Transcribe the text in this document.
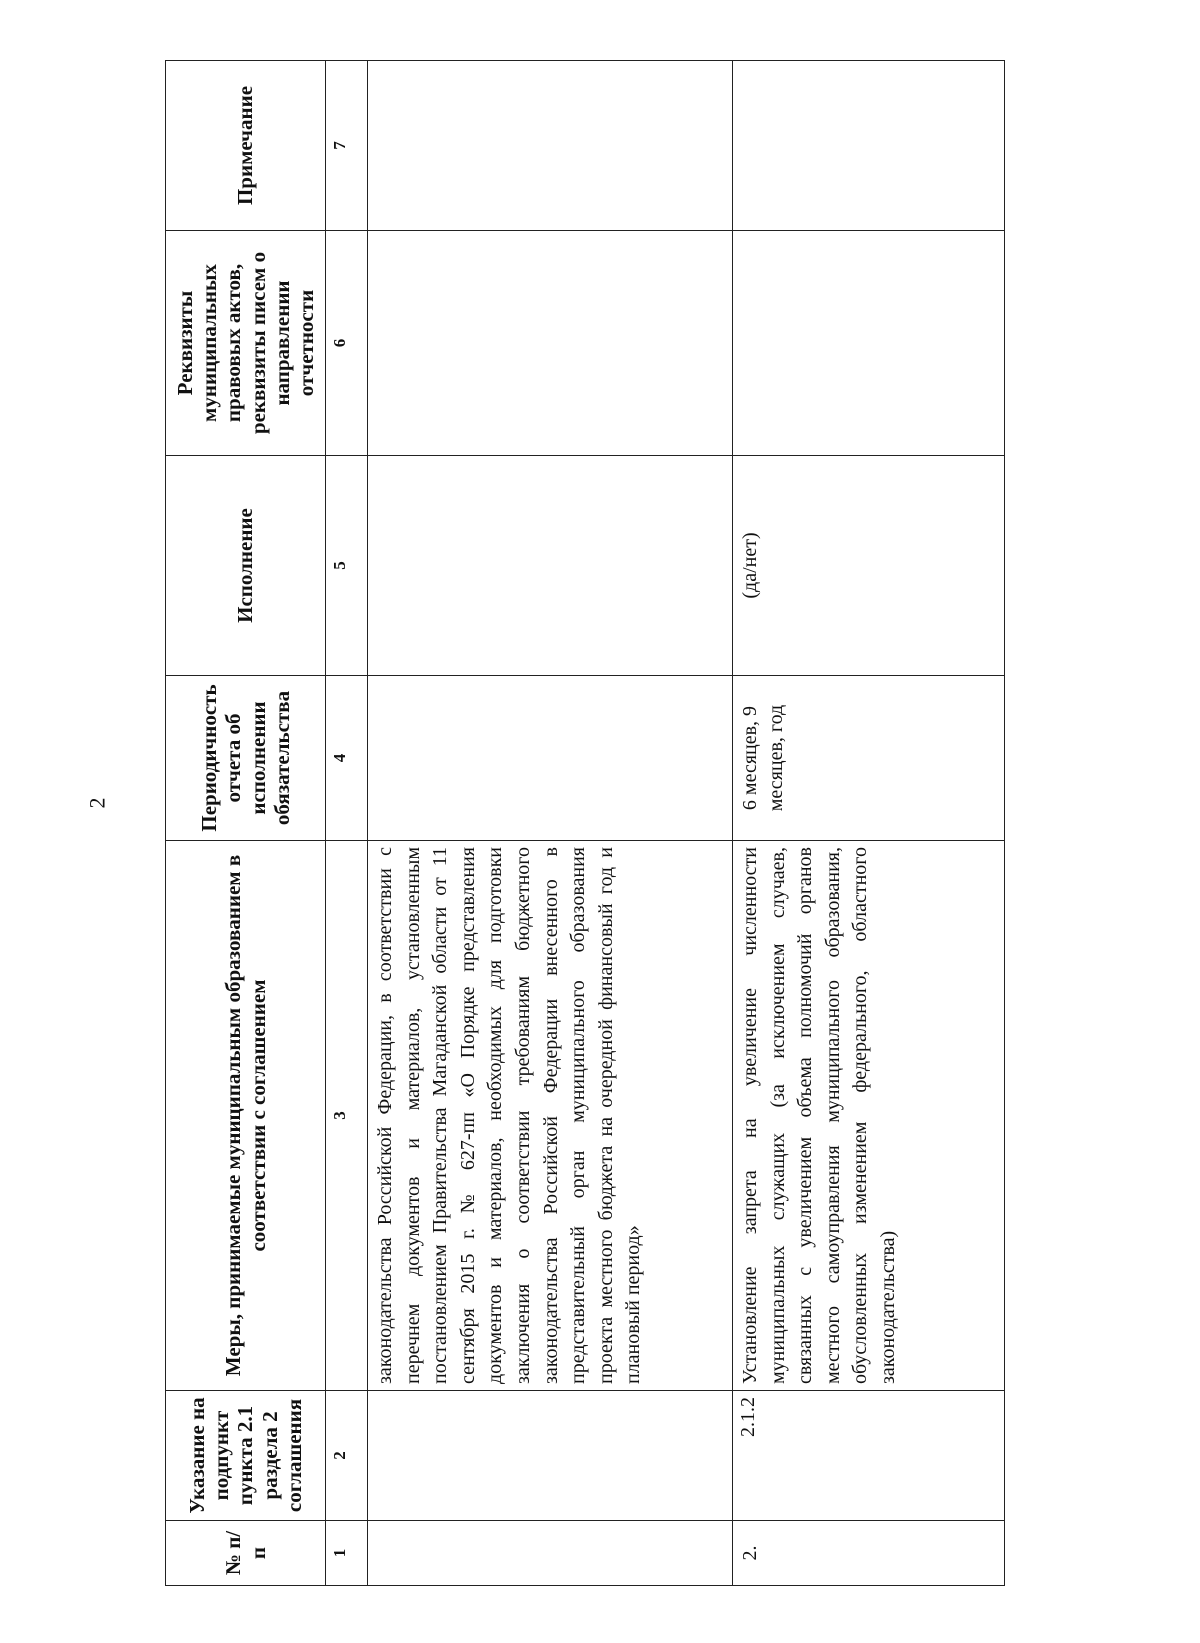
2
№ п/п	Указание на подпункт пункта 2.1 раздела 2 соглашения	Меры, принимаемые муниципальным образованием в соответствии с соглашением	Периодичность отчета об исполнении обязательства	Исполнение	Реквизиты муниципальных правовых актов, реквизиты писем о направлении отчетности	Примечание
1	2	3	4	5	6	7
		законодательства Российской Федерации, в соответствии с перечнем документов и материалов, установленным постановлением Правительства Магаданской области от 11 сентября 2015 г. № 627-пп «О Порядке представления документов и материалов, необходимых для подготовки заключения о соответствии требованиям бюджетного законодательства Российской Федерации внесенного в представительный орган муниципального образования проекта местного бюджета на очередной финансовый год и плановый период»				
2.	2.1.2	Установление запрета на увеличение численности муниципальных служащих (за исключением случаев, связанных с увеличением объема полномочий органов местного самоуправления муниципального образования, обусловленных изменением федерального, областного законодательства)	6 месяцев, 9 месяцев, год	(да/нет)		
